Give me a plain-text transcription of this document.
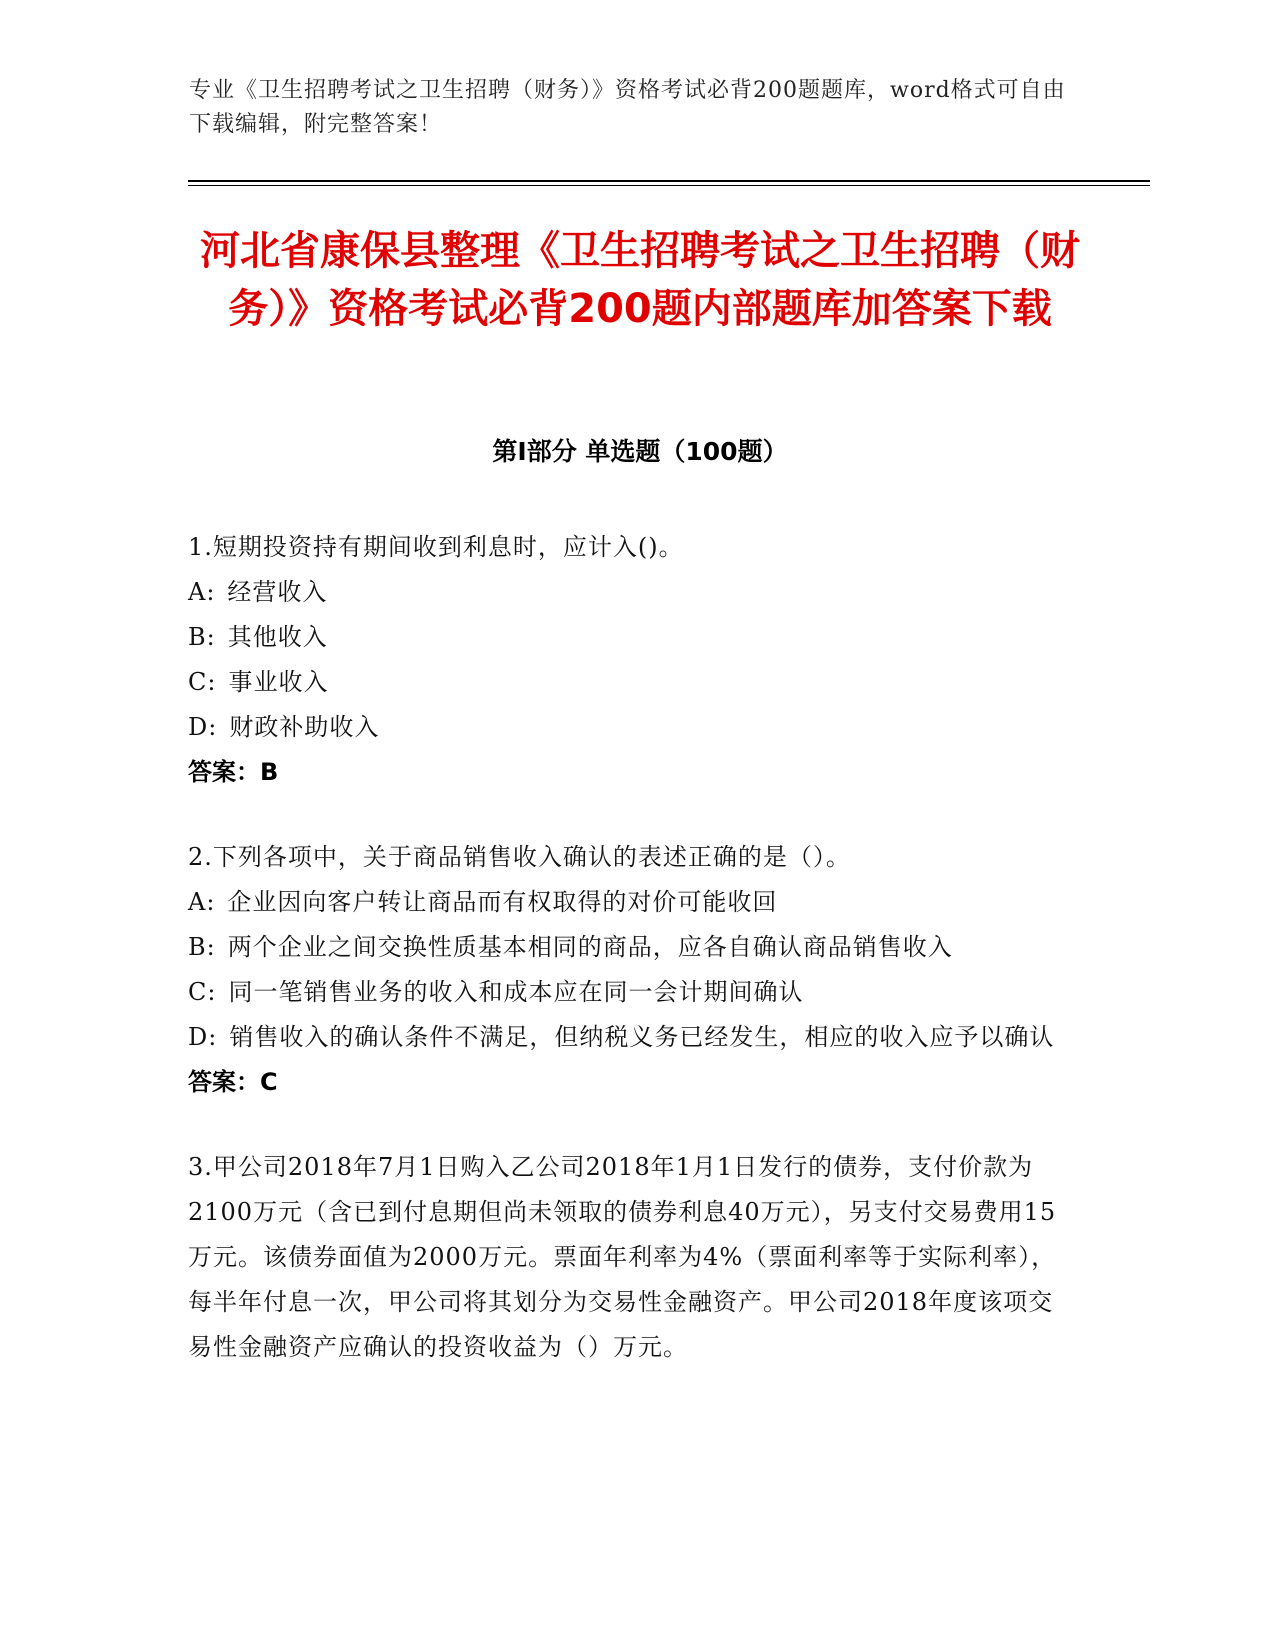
专业《卫生招聘考试之卫生招聘（财务）》资格考试必背200题题库，word格式可自由下载编辑，附完整答案！
河北省康保县整理《卫生招聘考试之卫生招聘（财务）》资格考试必背200题内部题库加答案下载
第I部分 单选题（100题）
1.短期投资持有期间收到利息时，应计入()。
A: 经营收入
B: 其他收入
C: 事业收入
D: 财政补助收入
答案：B
2.下列各项中，关于商品销售收入确认的表述正确的是（）。
A: 企业因向客户转让商品而有权取得的对价可能收回
B: 两个企业之间交换性质基本相同的商品，应各自确认商品销售收入
C: 同一笔销售业务的收入和成本应在同一会计期间确认
D: 销售收入的确认条件不满足，但纳税义务已经发生，相应的收入应予以确认
答案：C
3.甲公司2018年7月1日购入乙公司2018年1月1日发行的债券，支付价款为2100万元（含已到付息期但尚未领取的债券利息40万元），另支付交易费用15万元。该债券面值为2000万元。票面年利率为4%（票面利率等于实际利率），每半年付息一次，甲公司将其划分为交易性金融资产。甲公司2018年度该项交易性金融资产应确认的投资收益为（）万元。
